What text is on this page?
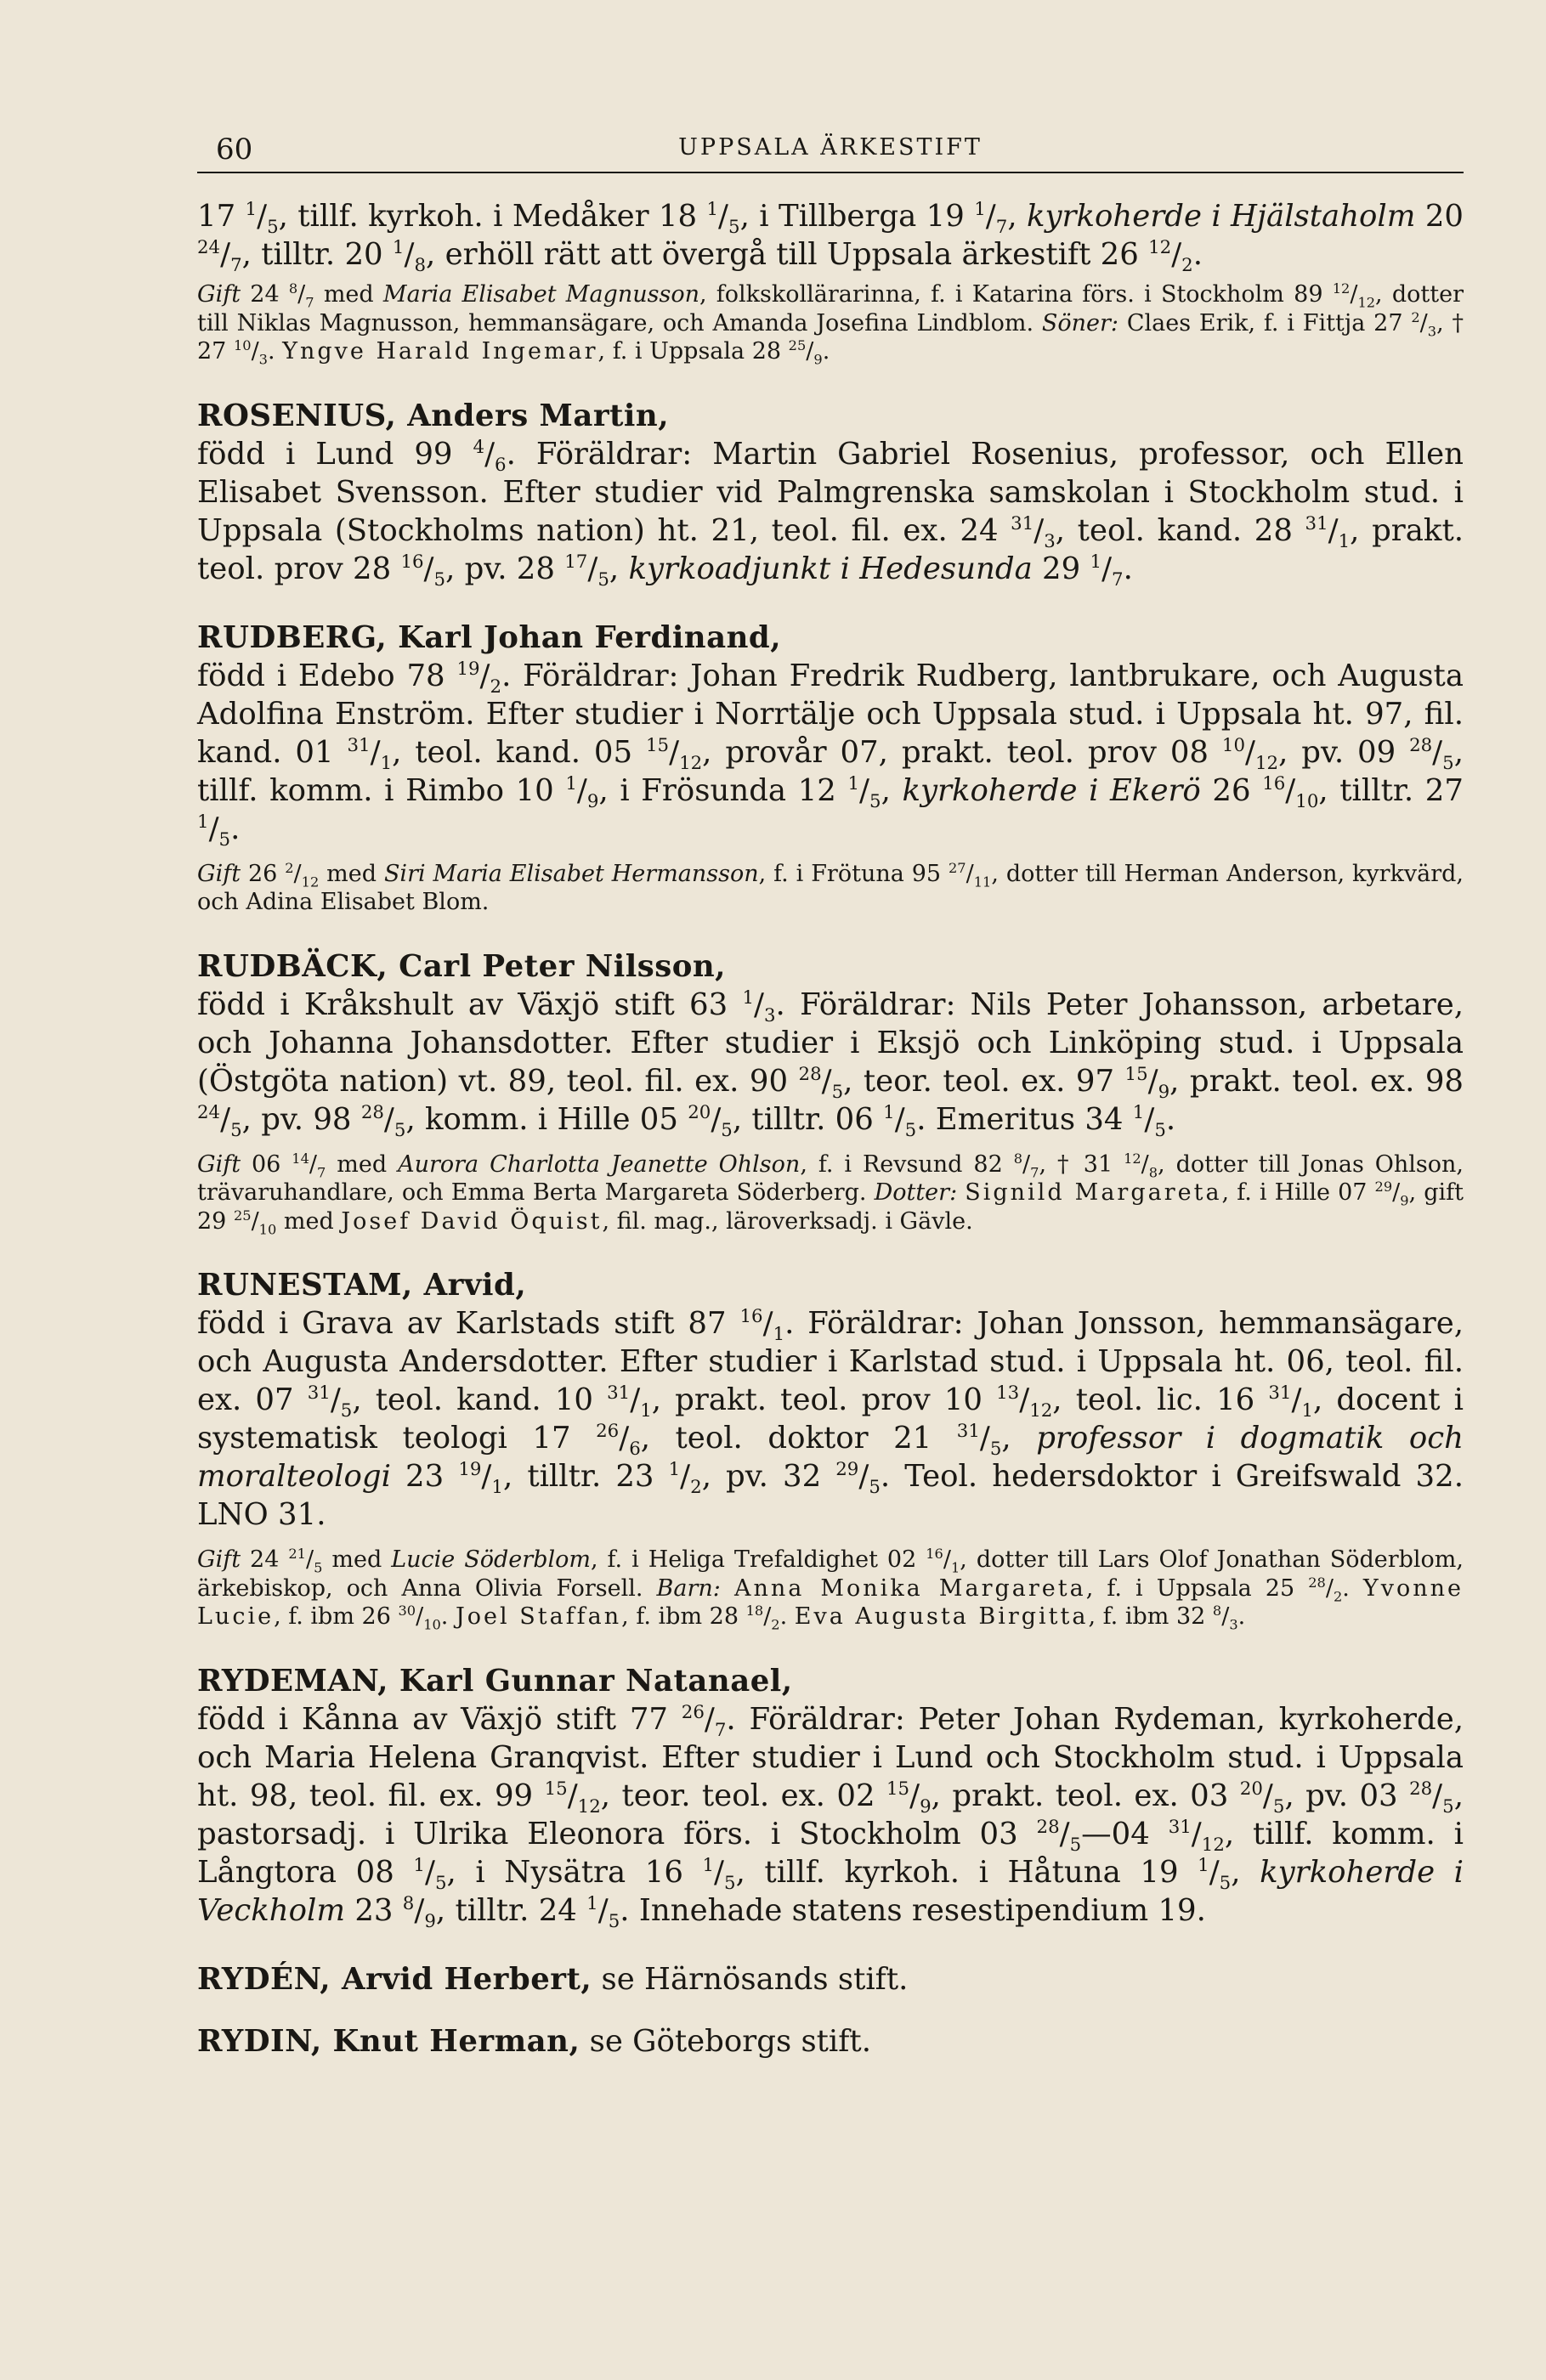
60	UPPSALA ÄRKESTIFT

17 $^1/_5$, tillf. kyrkoh. i Medåker 18 $^1/_5$, i Tillberga 19 $^1/_7$, kyrkoherde i Hjälstaholm 20 $^{24}/_7$, tilltr. 20 $^1/_8$, erhöll rätt att övergå till Uppsala ärkestift 26 $^{12}/_2$.

Gift 24 $^8/_7$ med Maria Elisabet Magnusson, folkskollärarinna, f. i Katarina förs. i Stockholm 89 $^{12}/_{12}$, dotter till Niklas Magnusson, hemmansägare, och Amanda Josefina Lindblom. Söner: Claes Erik, f. i Fittja 27 $^2/_3$, † 27 $^{10}/_3$. Yngve Harald Ingemar, f. i Uppsala 28 $^{25}/_9$.

ROSENIUS, Anders Martin,
född i Lund 99 $^4/_6$. Föräldrar: Martin Gabriel Rosenius, professor, och Ellen Elisabet Svensson. Efter studier vid Palmgrenska samskolan i Stockholm stud. i Uppsala (Stockholms nation) ht. 21, teol. fil. ex. 24 $^{31}/_3$, teol. kand. 28 $^{31}/_1$, prakt. teol. prov 28 $^{16}/_5$, pv. 28 $^{17}/_5$, kyrkoadjunkt i Hedesunda 29 $^1/_7$.

RUDBERG, Karl Johan Ferdinand,
född i Edebo 78 $^{19}/_2$. Föräldrar: Johan Fredrik Rudberg, lantbrukare, och Augusta Adolfina Enström. Efter studier i Norrtälje och Uppsala stud. i Uppsala ht. 97, fil. kand. 01 $^{31}/_1$, teol. kand. 05 $^{15}/_{12}$, provår 07, prakt. teol. prov 08 $^{10}/_{12}$, pv. 09 $^{28}/_5$, tillf. komm. i Rimbo 10 $^1/_9$, i Frösunda 12 $^1/_5$, kyrkoherde i Ekerö 26 $^{16}/_{10}$, tilltr. 27 $^1/_5$.

Gift 26 $^2/_{12}$ med Siri Maria Elisabet Hermansson, f. i Frötuna 95 $^{27}/_{11}$, dotter till Herman Anderson, kyrkvärd, och Adina Elisabet Blom.

RUDBÄCK, Carl Peter Nilsson,
född i Kråkshult av Växjö stift 63 $^1/_3$. Föräldrar: Nils Peter Johansson, arbetare, och Johanna Johansdotter. Efter studier i Eksjö och Linköping stud. i Uppsala (Östgöta nation) vt. 89, teol. fil. ex. 90 $^{28}/_5$, teor. teol. ex. 97 $^{15}/_9$, prakt. teol. ex. 98 $^{24}/_5$, pv. 98 $^{28}/_5$, komm. i Hille 05 $^{20}/_5$, tilltr. 06 $^1/_5$. Emeritus 34 $^1/_5$.

Gift 06 $^{14}/_7$ med Aurora Charlotta Jeanette Ohlson, f. i Revsund 82 $^8/_7$, † 31 $^{12}/_8$, dotter till Jonas Ohlson, trävaruhandlare, och Emma Berta Margareta Söderberg. Dotter: Signild Margareta, f. i Hille 07 $^{29}/_9$, gift 29 $^{25}/_{10}$ med Josef David Öquist, fil. mag., läroverksadj. i Gävle.

RUNESTAM, Arvid,
född i Grava av Karlstads stift 87 $^{16}/_1$. Föräldrar: Johan Jonsson, hemmansägare, och Augusta Andersdotter. Efter studier i Karlstad stud. i Uppsala ht. 06, teol. fil. ex. 07 $^{31}/_5$, teol. kand. 10 $^{31}/_1$, prakt. teol. prov 10 $^{13}/_{12}$, teol. lic. 16 $^{31}/_1$, docent i systematisk teologi 17 $^{26}/_6$, teol. doktor 21 $^{31}/_5$, professor i dogmatik och moralteologi 23 $^{19}/_1$, tilltr. 23 $^1/_2$, pv. 32 $^{29}/_5$. Teol. hedersdoktor i Greifswald 32. LNO 31.

Gift 24 $^{21}/_5$ med Lucie Söderblom, f. i Heliga Trefaldighet 02 $^{16}/_1$, dotter till Lars Olof Jonathan Söderblom, ärkebiskop, och Anna Olivia Forsell. Barn: Anna Monika Margareta, f. i Uppsala 25 $^{28}/_2$. Yvonne Lucie, f. ibm 26 $^{30}/_{10}$. Joel Staffan, f. ibm 28 $^{18}/_2$. Eva Augusta Birgitta, f. ibm 32 $^8/_3$.

RYDEMAN, Karl Gunnar Natanael,
född i Kånna av Växjö stift 77 $^{26}/_7$. Föräldrar: Peter Johan Rydeman, kyrkoherde, och Maria Helena Granqvist. Efter studier i Lund och Stockholm stud. i Uppsala ht. 98, teol. fil. ex. 99 $^{15}/_{12}$, teor. teol. ex. 02 $^{15}/_9$, prakt. teol. ex. 03 $^{20}/_5$, pv. 03 $^{28}/_5$, pastorsadj. i Ulrika Eleonora förs. i Stockholm 03 $^{28}/_5—04$ $^{31}/_{12}$, tillf. komm. i Långtora 08 $^1/_5$, i Nysätra 16 $^1/_5$, tillf. kyrkoh. i Håtuna 19 $^1/_5$, kyrkoherde i Veckholm 23 $^8/_9$, tilltr. 24 $^1/_5$. Innehade statens resestipendium 19.

RYDÉN, Arvid Herbert, se Härnösands stift.

RYDIN, Knut Herman, se Göteborgs stift.
